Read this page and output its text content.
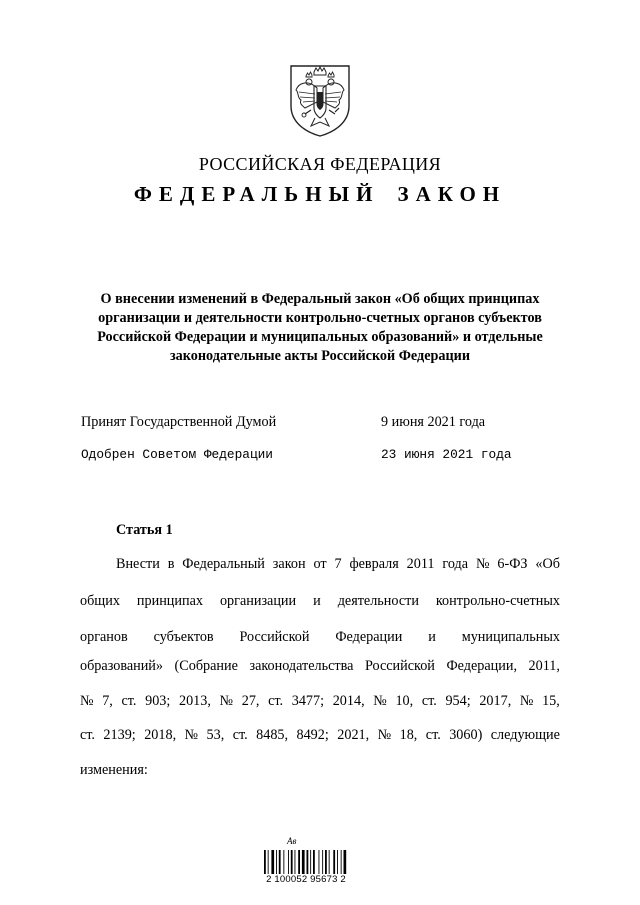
РОССИЙСКАЯ ФЕДЕРАЦИЯ
ФЕДЕРАЛЬНЫЙ ЗАКОН
О внесении изменений в Федеральный закон «Об общих принципах организации и деятельности контрольно-счетных органов субъектов Российской Федерации и муниципальных образований» и отдельные законодательные акты Российской Федерации
Принят Государственной Думой	9 июня 2021 года
Одобрен Советом Федерации	23 июня 2021 года
Статья 1
Внести в Федеральный закон от 7 февраля 2011 года № 6-ФЗ «Об
общих принципах организации и деятельности контрольно-счетных
органов субъектов Российской Федерации и муниципальных
образований» (Собрание законодательства Российской Федерации, 2011,
№ 7, ст. 903; 2013, № 27, ст. 3477; 2014, № 10, ст. 954; 2017, № 15,
ст. 2139; 2018, № 53, ст. 8485, 8492; 2021, № 18, ст. 3060) следующие
изменения:
Ав
2 100052 95673 2
